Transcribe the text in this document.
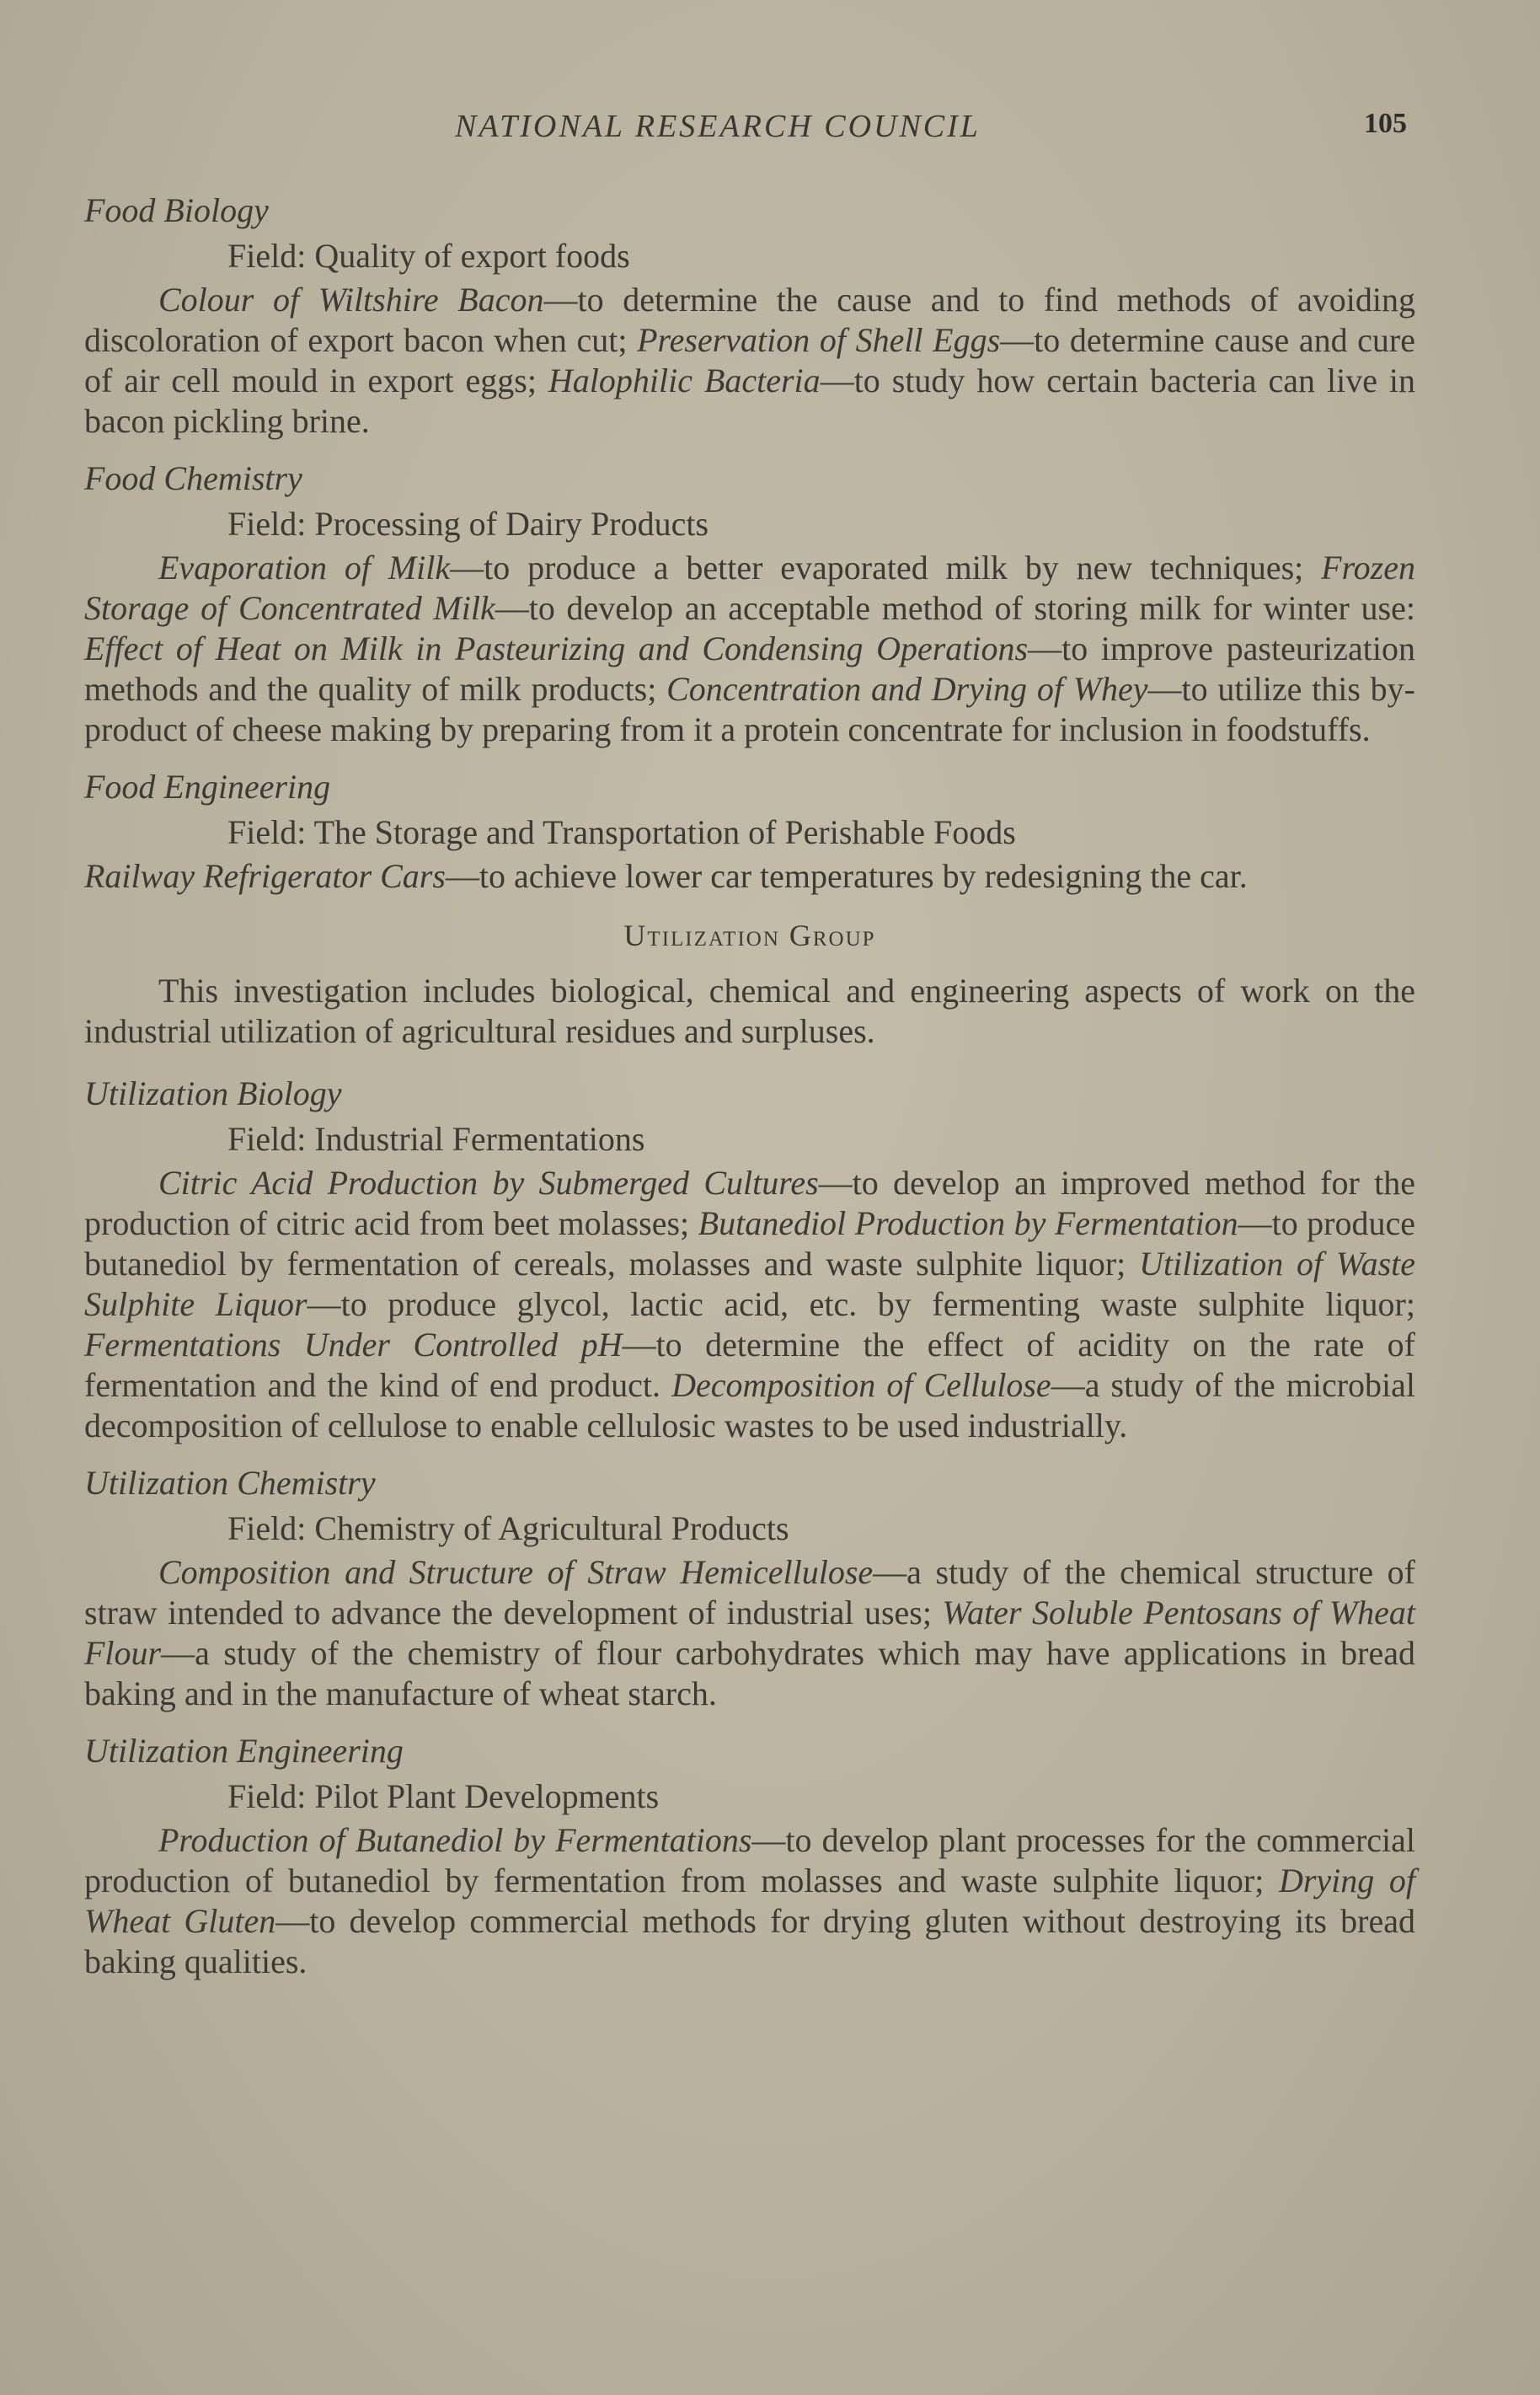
NATIONAL RESEARCH COUNCIL	105

Food Biology

Field: Quality of export foods

Colour of Wiltshire Bacon—to determine the cause and to find methods of avoiding discoloration of export bacon when cut; Preservation of Shell Eggs—to determine cause and cure of air cell mould in export eggs; Halophilic Bacteria—to study how certain bacteria can live in bacon pickling brine.

Food Chemistry

Field: Processing of Dairy Products

Evaporation of Milk—to produce a better evaporated milk by new techniques; Frozen Storage of Concentrated Milk—to develop an acceptable method of storing milk for winter use: Effect of Heat on Milk in Pasteurizing and Condensing Operations—to improve pasteurization methods and the quality of milk products; Concentration and Drying of Whey—to utilize this by-product of cheese making by preparing from it a protein concentrate for inclusion in foodstuffs.

Food Engineering

Field: The Storage and Transportation of Perishable Foods

Railway Refrigerator Cars—to achieve lower car temperatures by redesigning the car.

Utilization Group

This investigation includes biological, chemical and engineering aspects of work on the industrial utilization of agricultural residues and surpluses.

Utilization Biology

Field: Industrial Fermentations

Citric Acid Production by Submerged Cultures—to develop an improved method for the production of citric acid from beet molasses; Butanediol Production by Fermentation—to produce butanediol by fermentation of cereals, molasses and waste sulphite liquor; Utilization of Waste Sulphite Liquor—to produce glycol, lactic acid, etc. by fermenting waste sulphite liquor; Fermentations Under Controlled pH—to determine the effect of acidity on the rate of fermentation and the kind of end product. Decomposition of Cellulose—a study of the microbial decomposition of cellulose to enable cellulosic wastes to be used industrially.

Utilization Chemistry

Field: Chemistry of Agricultural Products

Composition and Structure of Straw Hemicellulose—a study of the chemical structure of straw intended to advance the development of industrial uses; Water Soluble Pentosans of Wheat Flour—a study of the chemistry of flour carbohydrates which may have applications in bread baking and in the manufacture of wheat starch.

Utilization Engineering

Field: Pilot Plant Developments

Production of Butanediol by Fermentations—to develop plant processes for the commercial production of butanediol by fermentation from molasses and waste sulphite liquor; Drying of Wheat Gluten—to develop commercial methods for drying gluten without destroying its bread baking qualities.
